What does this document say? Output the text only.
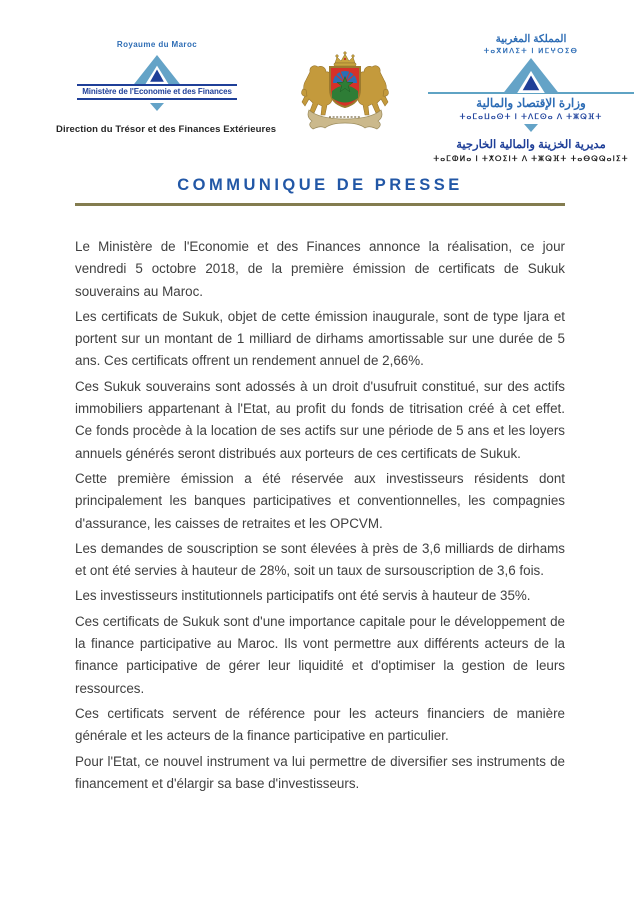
Royaume du Maroc
Ministère de l'Economie et des Finances
Direction du Trésor et des Finances Extérieures
المملكة المغربية
ⵜⴰⴳⵍⴷⵉⵜ ⵏ ⵍⵎⵖⵔⵉⴱ
وزارة الإقتصاد والمالية
ⵜⴰⵎⴰⵡⴰⵙⵜ ⵏ ⵜⴷⵎⵙⴰ ⴷ ⵜⵥⵕⴼⵜ
مديرية الخزينة والمالية الخارجية
ⵜⴰⵎⵀⵍⴰ ⵏ ⵜⵅⵔⵉⵏⵜ ⴷ ⵜⵥⵕⴼⵜ ⵜⴰⴱⵕⵕⴰⵏⵉⵜ
COMMUNIQUE DE PRESSE

Le Ministère de l'Economie et des Finances annonce la réalisation, ce jour vendredi 5 octobre 2018, de la première émission de certificats de Sukuk souverains au Maroc.

Les certificats de Sukuk, objet de cette émission inaugurale, sont de type Ijara et portent sur un montant de 1 milliard de dirhams amortissable sur une durée de 5 ans. Ces certificats offrent un rendement annuel de 2,66%.

Ces Sukuk souverains sont adossés à un droit d'usufruit constitué, sur des actifs immobiliers appartenant à l'Etat, au profit du fonds de titrisation créé à cet effet. Ce fonds procède à la location de ses actifs sur une période de 5 ans et les loyers annuels générés seront distribués aux porteurs de ces certificats de Sukuk.

Cette première émission a été réservée aux investisseurs résidents dont principalement les banques participatives et conventionnelles, les compagnies d'assurance, les caisses de retraites et les OPCVM.

Les demandes de souscription se sont élevées à près de 3,6 milliards de dirhams et ont été servies à hauteur de 28%, soit un taux de sursouscription de 3,6 fois.

Les investisseurs institutionnels participatifs ont été servis à hauteur de 35%.

Ces certificats de Sukuk sont d'une importance capitale pour le développement de la finance participative au Maroc. Ils vont permettre aux différents acteurs de la finance participative de gérer leur liquidité et d'optimiser la gestion de leurs ressources.

Ces certificats servent de référence pour les acteurs financiers de manière générale et les acteurs de la finance participative en particulier.

Pour l'Etat, ce nouvel instrument va lui permettre de diversifier ses instruments de financement et d'élargir sa base d'investisseurs.
